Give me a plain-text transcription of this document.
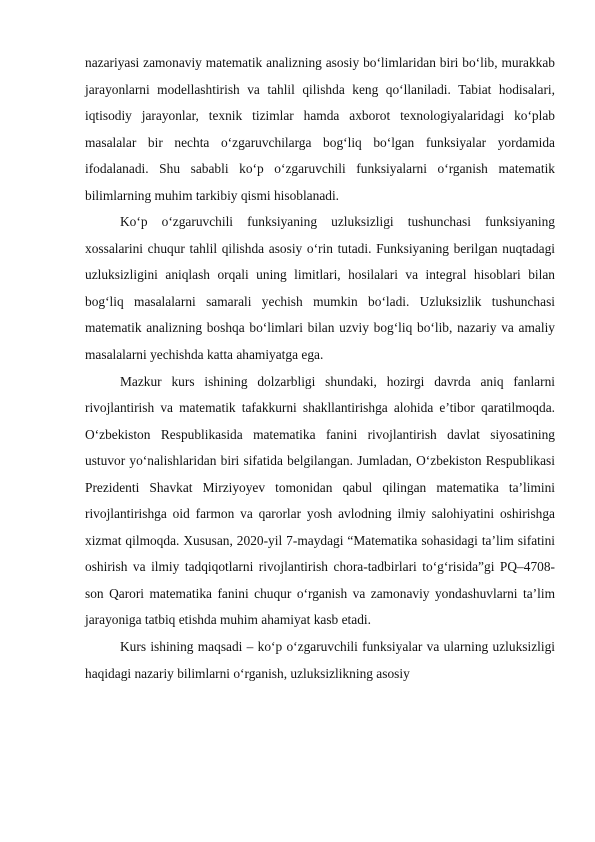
nazariyasi zamonaviy matematik analizning asosiy bo‘limlaridan biri bo‘lib, murakkab jarayonlarni modellashtirish va tahlil qilishda keng qo‘llaniladi. Tabiat hodisalari, iqtisodiy jarayonlar, texnik tizimlar hamda axborot texnologiyalaridagi ko‘plab masalalar bir nechta o‘zgaruvchilarga bog‘liq bo‘lgan funksiyalar yordamida ifodalanadi. Shu sababli ko‘p o‘zgaruvchili funksiyalarni o‘rganish matematik bilimlarning muhim tarkibiy qismi hisoblanadi.

Ko‘p o‘zgaruvchili funksiyaning uzluksizligi tushunchasi funksiyaning xossalarini chuqur tahlil qilishda asosiy o‘rin tutadi. Funksiyaning berilgan nuqtadagi uzluksizligini aniqlash orqali uning limitlari, hosilalari va integral hisoblari bilan bog‘liq masalalarni samarali yechish mumkin bo‘ladi. Uzluksizlik tushunchasi matematik analizning boshqa bo‘limlari bilan uzviy bog‘liq bo‘lib, nazariy va amaliy masalalarni yechishda katta ahamiyatga ega.

Mazkur kurs ishining dolzarbligi shundaki, hozirgi davrda aniq fanlarni rivojlantirish va matematik tafakkurni shakllantirishga alohida e’tibor qaratilmoqda. O‘zbekiston Respublikasida matematika fanini rivojlantirish davlat siyosatining ustuvor yo‘nalishlaridan biri sifatida belgilangan. Jumladan, O‘zbekiston Respublikasi Prezidenti Shavkat Mirziyoyev tomonidan qabul qilingan matematika ta’limini rivojlantirishga oid farmon va qarorlar yosh avlodning ilmiy salohiyatini oshirishga xizmat qilmoqda. Xususan, 2020-yil 7-maydagi “Matematika sohasidagi ta’lim sifatini oshirish va ilmiy tadqiqotlarni rivojlantirish chora-tadbirlari to‘g‘risida”gi PQ–4708-son Qarori matematika fanini chuqur o‘rganish va zamonaviy yondashuvlarni ta’lim jarayoniga tatbiq etishda muhim ahamiyat kasb etadi.

Kurs ishining maqsadi – ko‘p o‘zgaruvchili funksiyalar va ularning uzluksizligi haqidagi nazariy bilimlarni o‘rganish, uzluksizlikning asosiy
